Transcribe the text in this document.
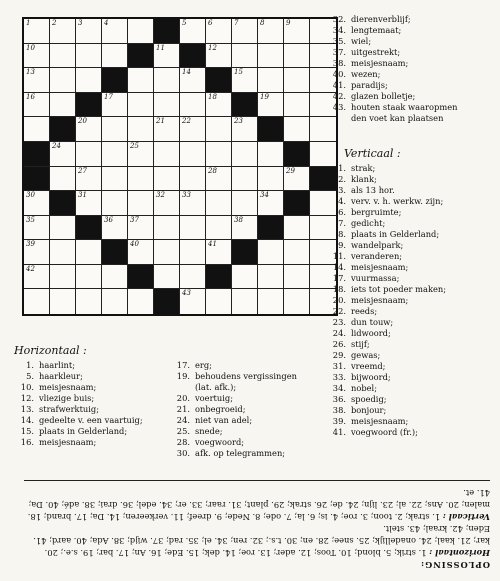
1	2	3	4	5	6	7	8	9
10	11	12
13	14	15
16	17	18	19
20	21 22	23
24	25
26	27	28	29
30	31	32 33	34
35	36 37	38
39	40	41
42
43
Horizontaal :
1. haarlint;
5. haarkleur;
10. meisjesnaam;
12. vliezige buis;
13. strafwerktuig;
14. gedeelte v. een vaartuig;
15. plaats in Gelderland;
16. meisjesnaam;
17. erg;
19. behoudens vergissingen
(lat. afk.);
20. voertuig;
21. onbegroeid;
24. niet van adel;
25. snede;
28. voegwoord;
30. afk. op telegrammen;
32. dierenverblijf;
34. lengtemaat;
35. wiel;
37. uitgestrekt;
38. meisjesnaam;
40. wezen;
41. paradijs;
42. glazen bolletje;
43. houten staak waaropmen
den voet kan plaatsen
Verticaal :
1. strak;
2. klank;
3. als 13 hor.
4. verv. v. h. werkw. zijn;
6. bergruimte;
7. gedicht;
8. plaats in Gelderland;
9. wandelpark;
11. veranderen;
14. meisjesnaam;
17. vuurmassa;
18. iets tot poeder maken;
20. meisjesnaam;
22. reeds;
23. dun touw;
24. lidwoord;
26. stijf;
29. gewas;
31. vreemd;
33. bijwoord;
34. nobel;
36. spoedig;
38. bonjour;
39. meisjesnaam;
41. voegwoord (fr.);
OPLOSSING:
Horizontaal : 1. strik; 5. blond; 10. Toos; 12. ader; 13. roe; 14. dek; 15. Ede; 16. An; 17. bar; 19. s.e.; 20. kar; 21. kaal; 24. onadellijk; 25. snee; 28. en; 30. t.s.; 32. ren; 34. el; 35. rad; 37. wijd; 38. Ada; 40. aard; 41. Eden; 42. kraal; 43. stelt.
Verticaal : 1. strak; 2. toon; 3. roe; 4. is; 6. la; 7. ode; 8. Nede; 9. dreef; 11. verkeeren; 14. Da; 17. brand; 18. malen; 20. Ans; 22. al; 23. lijn; 24. de; 26. strak; 29. plant; 31. raar; 33. er; 34. edel; 36. drai; 38. adé; 40. Da; 41. et.
